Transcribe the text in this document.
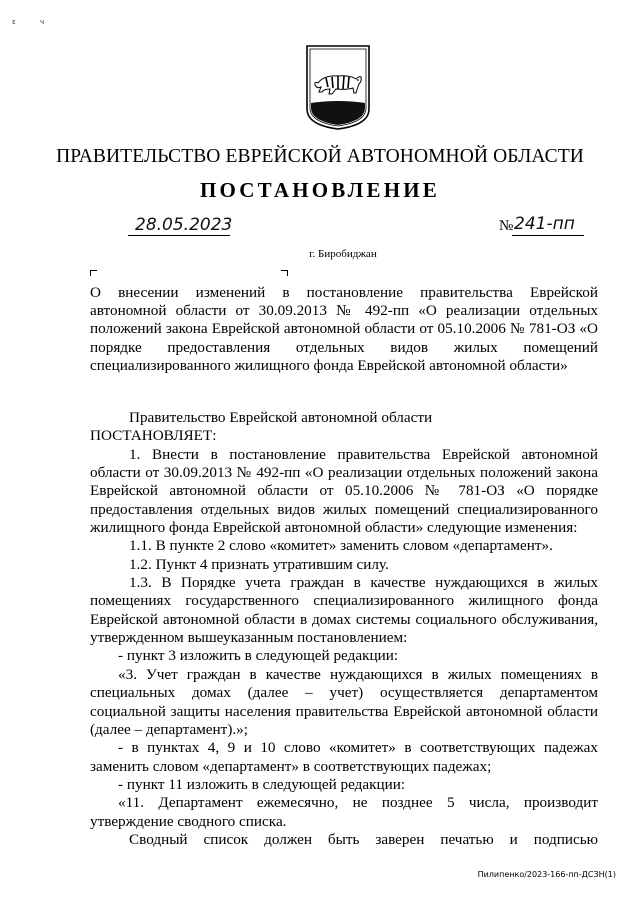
ε	ч
ПРАВИТЕЛЬСТВО ЕВРЕЙСКОЙ АВТОНОМНОЙ ОБЛАСТИ
ПОСТАНОВЛЕНИЕ
28.05.2023	№ 241-пп
г. Биробиджан
О внесении изменений в постановление правительства Еврейской автономной области от 30.09.2013 № 492-пп «О реализации отдельных положений закона Еврейской автономной области от 05.10.2006 № 781-ОЗ «О порядке предоставления отдельных видов жилых помещений специализированного жилищного фонда Еврейской автономной области»

Правительство Еврейской автономной области

ПОСТАНОВЛЯЕТ:

1. Внести в постановление правительства Еврейской автономной области от 30.09.2013 № 492-пп «О реализации отдельных положений закона Еврейской автономной области от 05.10.2006 № 781-ОЗ «О порядке предоставления отдельных видов жилых помещений специализированного жилищного фонда Еврейской автономной области» следующие изменения:

1.1. В пункте 2 слово «комитет» заменить словом «департамент».

1.2. Пункт 4 признать утратившим силу.

1.3. В Порядке учета граждан в качестве нуждающихся в жилых помещениях государственного специализированного жилищного фонда Еврейской автономной области в домах системы социального обслуживания, утвержденном вышеуказанным постановлением:

- пункт 3 изложить в следующей редакции:

«3. Учет граждан в качестве нуждающихся в жилых помещениях в специальных домах (далее – учет) осуществляется департаментом социальной защиты населения правительства Еврейской автономной области (далее – департамент).»;

- в пунктах 4, 9 и 10 слово «комитет» в соответствующих падежах заменить словом «департамент» в соответствующих падежах;

- пункт 11 изложить в следующей редакции:

«11. Департамент ежемесячно, не позднее 5 числа, производит утверждение сводного списка.

Сводный список должен быть заверен печатью и подписью

Пилипенко/2023-166-пп-ДСЗН(1)
